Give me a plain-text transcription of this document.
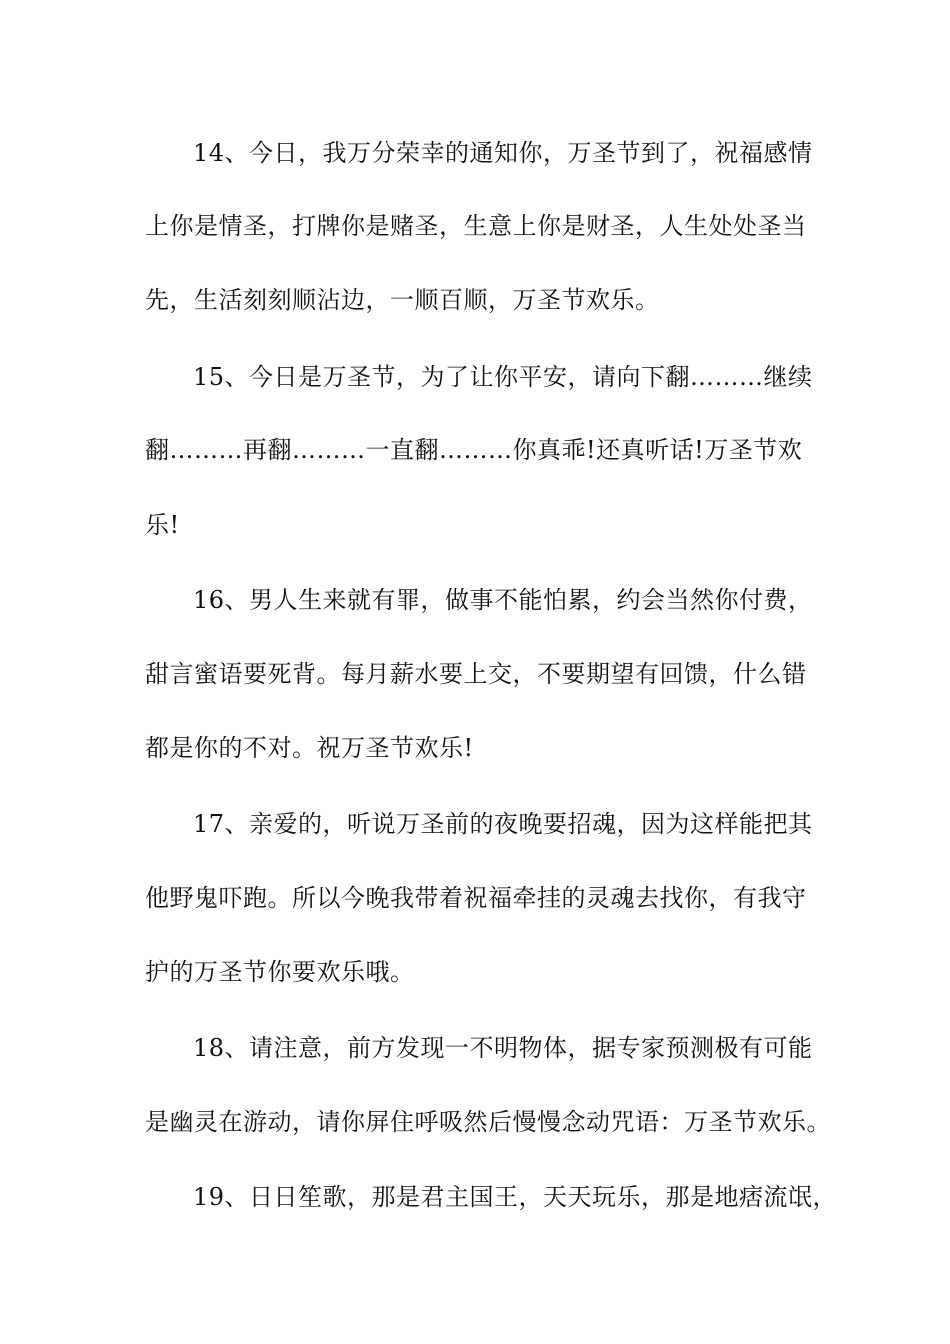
14、今日，我万分荣幸的通知你，万圣节到了，祝福感情
上你是情圣，打牌你是赌圣，生意上你是财圣，人生处处圣当
先，生活刻刻顺沾边，一顺百顺，万圣节欢乐。
15、今日是万圣节，为了让你平安，请向下翻………继续
翻………再翻………一直翻………你真乖!还真听话!万圣节欢
乐!
16、男人生来就有罪，做事不能怕累，约会当然你付费，
甜言蜜语要死背。每月薪水要上交，不要期望有回馈，什么错
都是你的不对。祝万圣节欢乐!
17、亲爱的，听说万圣前的夜晚要招魂，因为这样能把其
他野鬼吓跑。所以今晚我带着祝福牵挂的灵魂去找你，有我守
护的万圣节你要欢乐哦。
18、请注意，前方发现一不明物体，据专家预测极有可能
是幽灵在游动，请你屏住呼吸然后慢慢念动咒语：万圣节欢乐。
19、日日笙歌，那是君主国王，天天玩乐，那是地痞流氓，
